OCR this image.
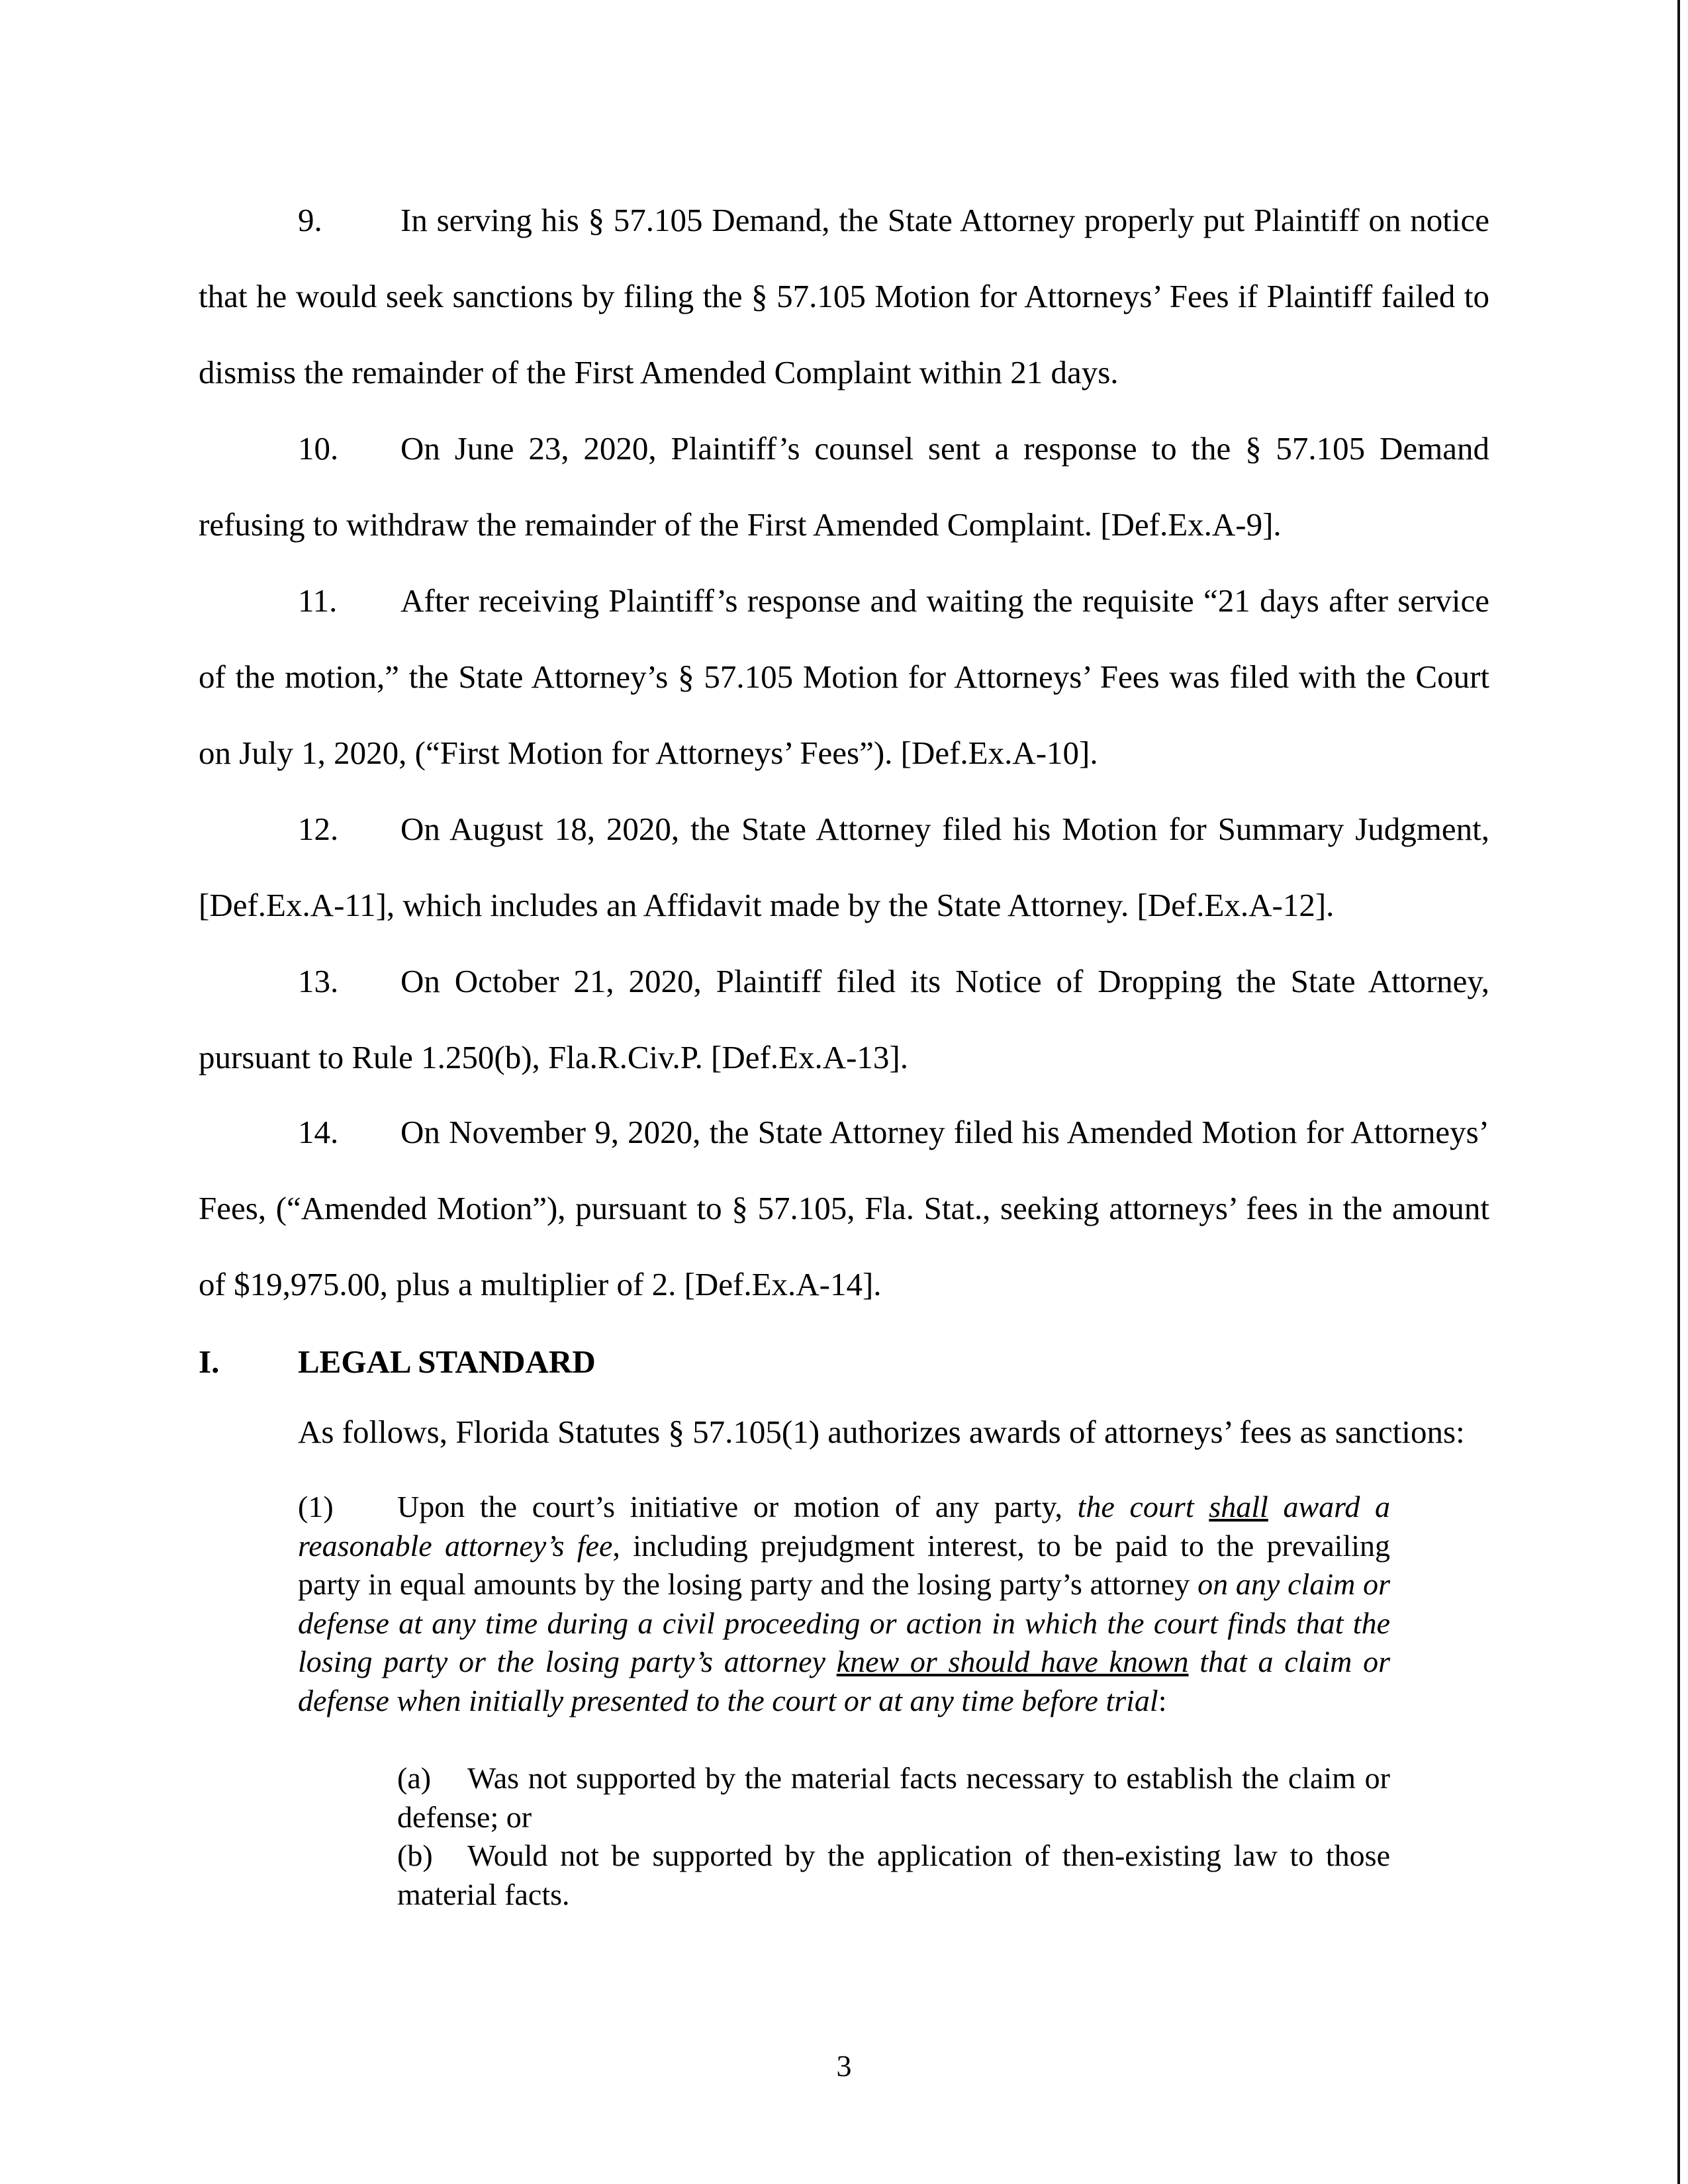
9. In serving his § 57.105 Demand, the State Attorney properly put Plaintiff on notice that he would seek sanctions by filing the § 57.105 Motion for Attorneys’ Fees if Plaintiff failed to dismiss the remainder of the First Amended Complaint within 21 days.

10. On June 23, 2020, Plaintiff’s counsel sent a response to the § 57.105 Demand refusing to withdraw the remainder of the First Amended Complaint. [Def.Ex.A-9].

11. After receiving Plaintiff’s response and waiting the requisite “21 days after service of the motion,” the State Attorney’s § 57.105 Motion for Attorneys’ Fees was filed with the Court on July 1, 2020, (“First Motion for Attorneys’ Fees”). [Def.Ex.A-10].

12. On August 18, 2020, the State Attorney filed his Motion for Summary Judgment, [Def.Ex.A-11], which includes an Affidavit made by the State Attorney. [Def.Ex.A-12].

13. On October 21, 2020, Plaintiff filed its Notice of Dropping the State Attorney, pursuant to Rule 1.250(b), Fla.R.Civ.P. [Def.Ex.A-13].

14. On November 9, 2020, the State Attorney filed his Amended Motion for Attorneys’ Fees, (“Amended Motion”), pursuant to § 57.105, Fla. Stat., seeking attorneys’ fees in the amount of $19,975.00, plus a multiplier of 2. [Def.Ex.A-14].

I. LEGAL STANDARD

As follows, Florida Statutes § 57.105(1) authorizes awards of attorneys’ fees as sanctions:

(1) Upon the court’s initiative or motion of any party, the court shall award a reasonable attorney’s fee, including prejudgment interest, to be paid to the prevailing party in equal amounts by the losing party and the losing party’s attorney on any claim or defense at any time during a civil proceeding or action in which the court finds that the losing party or the losing party’s attorney knew or should have known that a claim or defense when initially presented to the court or at any time before trial:

(a) Was not supported by the material facts necessary to establish the claim or defense; or

(b) Would not be supported by the application of then-existing law to those material facts.

3
